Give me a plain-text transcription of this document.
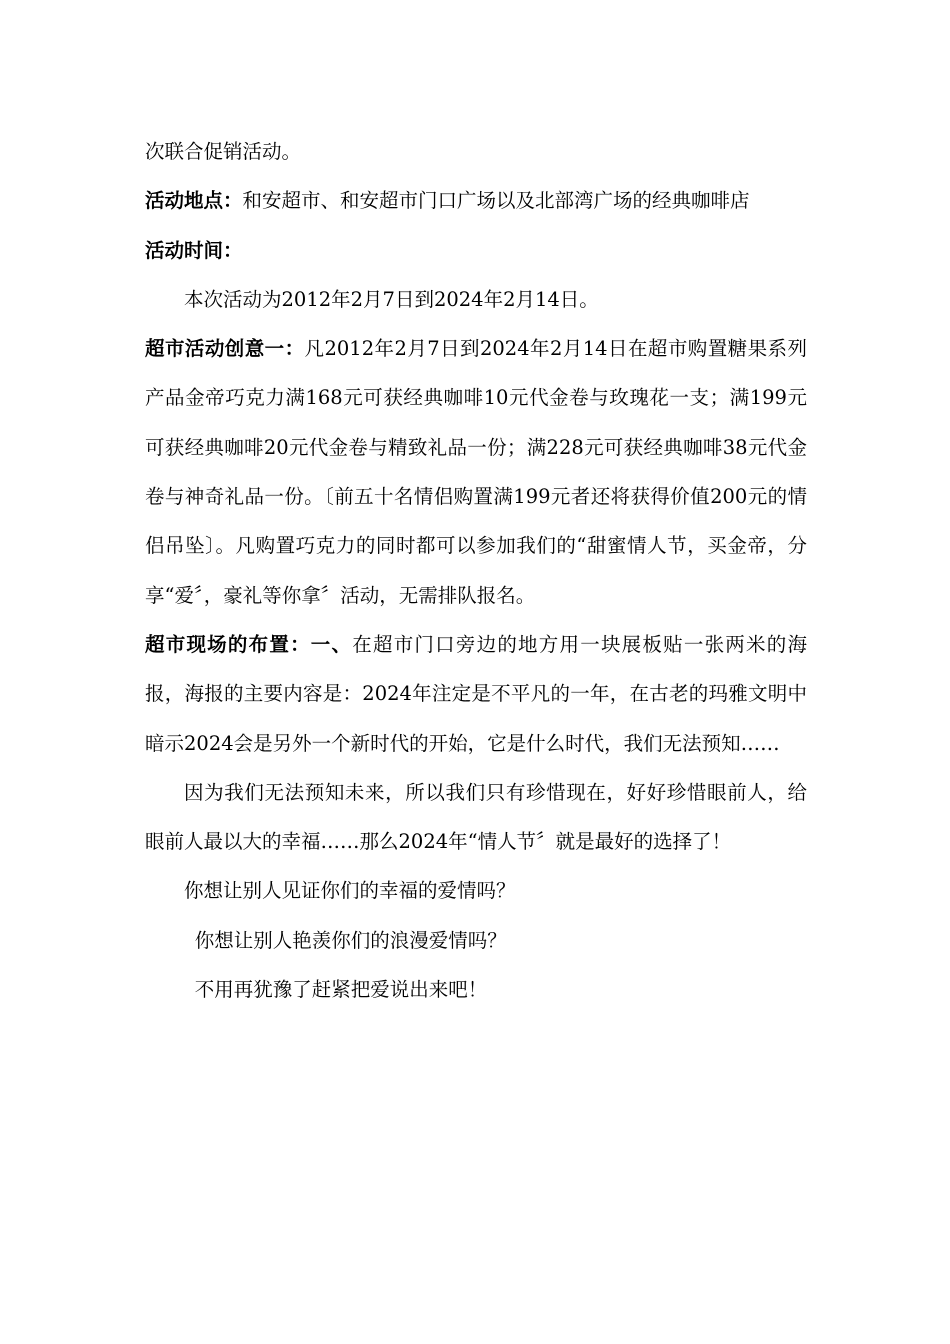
次联合促销活动。

活动地点：和安超市、和安超市门口广场以及北部湾广场的经典咖啡店

活动时间：

本次活动为2012年2月7日到2024年2月14日。

超市活动创意一：凡2012年2月7日到2024年2月14日在超市购置糖果系列产品金帝巧克力满168元可获经典咖啡10元代金卷与玫瑰花一支；满199元可获经典咖啡20元代金卷与精致礼品一份；满228元可获经典咖啡38元代金卷与神奇礼品一份。〔前五十名情侣购置满199元者还将获得价值200元的情侣吊坠〕。凡购置巧克力的同时都可以参加我们的“甜蜜情人节，买金帝，分享“爱〞，豪礼等你拿〞活动，无需排队报名。

超市现场的布置：一、在超市门口旁边的地方用一块展板贴一张两米的海报，海报的主要内容是：2024年注定是不平凡的一年，在古老的玛雅文明中暗示2024会是另外一个新时代的开始，它是什么时代，我们无法预知……

因为我们无法预知未来，所以我们只有珍惜现在，好好珍惜眼前人，给眼前人最以大的幸福……那么2024年“情人节〞就是最好的选择了！

你想让别人见证你们的幸福的爱情吗？

你想让别人艳羡你们的浪漫爱情吗？

不用再犹豫了赶紧把爱说出来吧！
